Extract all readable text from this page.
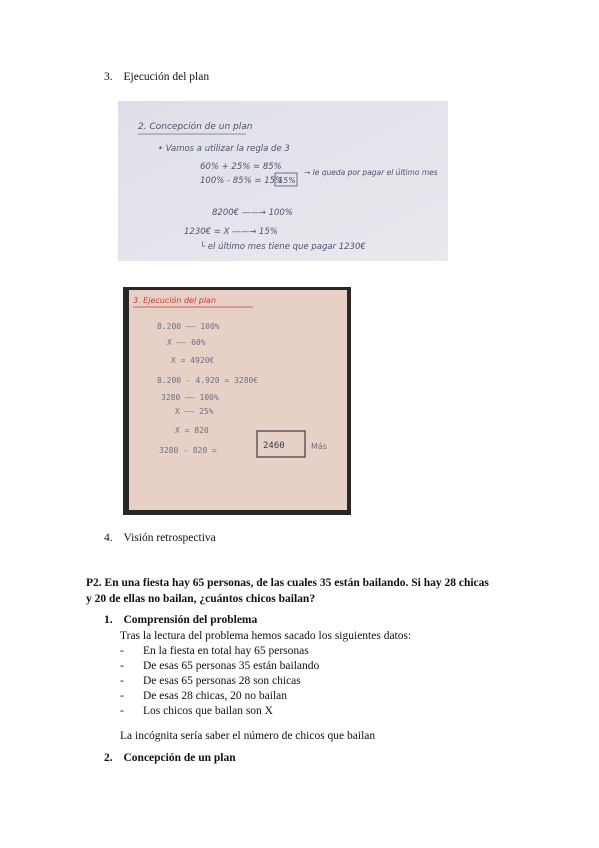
3. Ejecución del plan
2. Concepción de un plan
• Vamos a utilizar la regla de 3
60% + 25% = 85%
100% - 85% = 15%
→ le queda por pagar el último mes
8200€ ——→ 100%
1230€ = X ——→ 15%
└ el último mes tiene que pagar 1230€
15%
3. Ejecución del plan
8.200 —— 100%
X —— 60%
X = 4920€
8.200 - 4.920 = 3280€
3280 —— 100%
X —— 25%
X = 820
3280 - 820 =	2460	Más
4. Visión retrospectiva
P2. En una fiesta hay 65 personas, de las cuales 35 están bailando. Si hay 28 chicas
y 20 de ellas no bailan, ¿cuántos chicos bailan?
1. Comprensión del problema
Tras la lectura del problema hemos sacado los siguientes datos:
- En la fiesta en total hay 65 personas
- De esas 65 personas 35 están bailando
- De esas 65 personas 28 son chicas
- De esas 28 chicas, 20 no bailan
- Los chicos que bailan son X
La incógnita sería saber el número de chicos que bailan
2. Concepción de un plan
